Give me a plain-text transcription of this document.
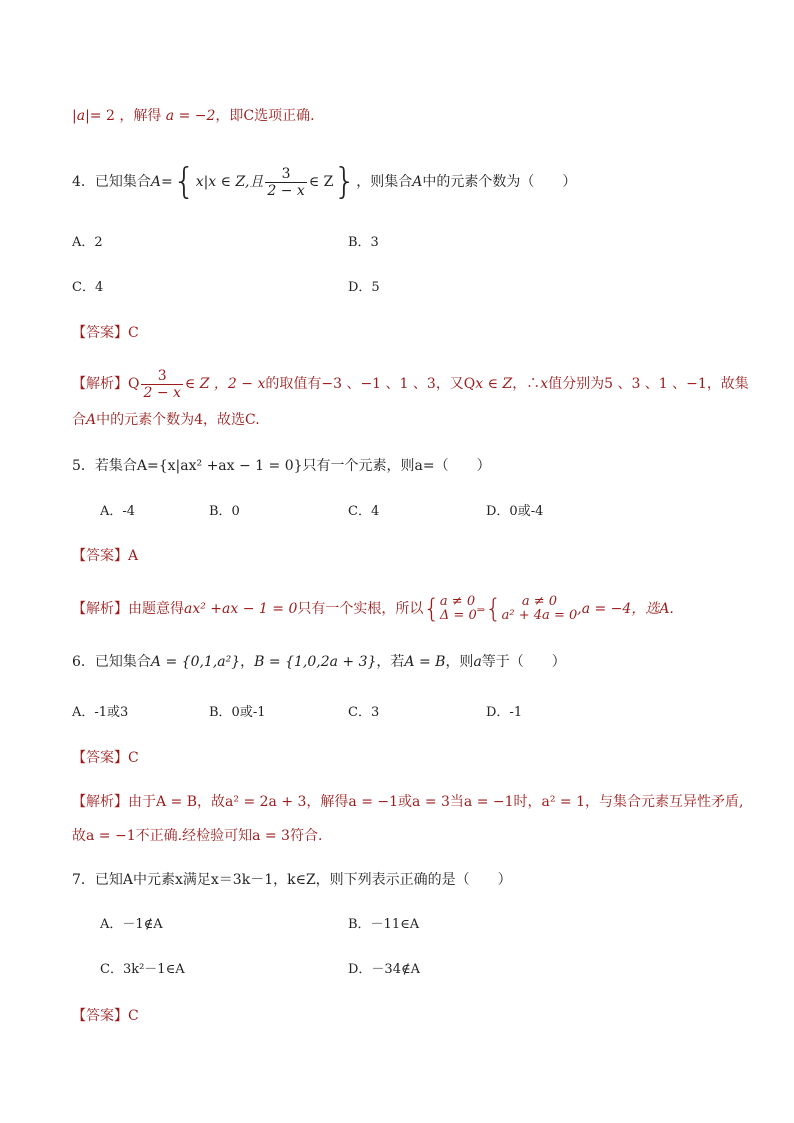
|a|= 2 ，解得 a = −2，即C选项正确.
4．已知集合A={x|x ∈ Z,且 $\frac{3}{2 - x}$ ∈ Z}，则集合A中的元素个数为（　　）
A．2	B．3
C．4	D．5
【答案】C
【解析】Q $\frac{3}{2 - x}$ ∈ Z ，2 − x的取值有−3 、−1 、1 、3，又Qx ∈ Z，∴x值分别为5 、3 、1 、−1，故集
合A中的元素个数为4，故选C.
5．若集合A={x|ax² +ax − 1 = 0}只有一个元素，则a=（　　）
A．-4	B．0	C．4	D．0或-4
【答案】A
【解析】由题意得ax² +ax − 1 = 0只有一个实根，所以{ a ≠ 0
Δ = 0 ⇒{	a ≠ 0
a² + 4a = 0 ,a = −4，选A.
6．已知集合A = {0,1,a²}，B = {1,0,2a + 3}，若A = B，则a等于（　　）
A．-1或3	B．0或-1	C．3	D．-1
【答案】C
【解析】由于A = B，故a² = 2a + 3，解得a = −1或a = 3当a = −1时，a² = 1，与集合元素互异性矛盾,
故a = −1不正确.经检验可知a = 3符合.
7．已知A中元素x满足x＝3k－1，k∈Z，则下列表示正确的是（　　）
A．－1∉A	B．－11∈A
C．3k²－1∈A	D．－34∉A
【答案】C
